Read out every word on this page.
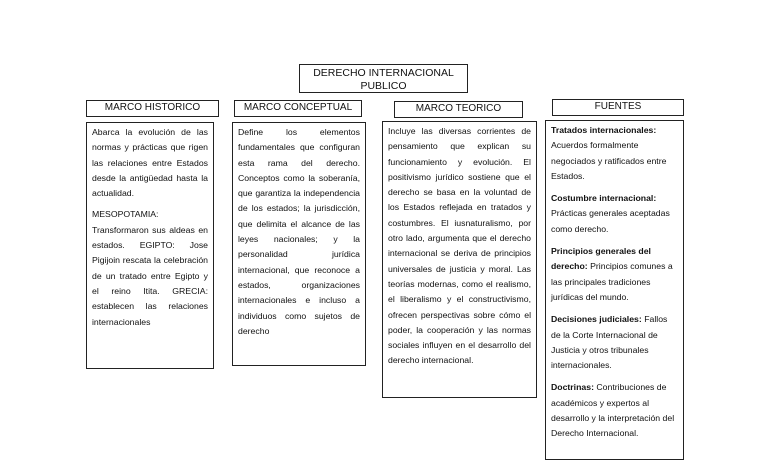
DERECHO INTERNACIONAL
PUBLICO
MARCO HISTORICO	MARCO CONCEPTUAL	MARCO TEORICO	FUENTES

Abarca la evolución de las normas y prácticas que rigen las relaciones entre Estados desde la antigüedad hasta la actualidad.

MESOPOTAMIA: Transformaron sus aldeas en estados. EGIPTO: Jose Pigijoin rescata la celebración de un tratado entre Egipto y el reino Itita. GRECIA: establecen las relaciones internacionales

Define los elementos fundamentales que configuran esta rama del derecho. Conceptos como la soberanía, que garantiza la independencia de los estados; la jurisdicción, que delimita el alcance de las leyes nacionales; y la personalidad jurídica internacional, que reconoce a estados, organizaciones internacionales e incluso a individuos como sujetos de derecho

Incluye las diversas corrientes de pensamiento que explican su funcionamiento y evolución. El positivismo jurídico sostiene que el derecho se basa en la voluntad de los Estados reflejada en tratados y costumbres. El iusnaturalismo, por otro lado, argumenta que el derecho internacional se deriva de principios universales de justicia y moral. Las teorías modernas, como el realismo, el liberalismo y el constructivismo, ofrecen perspectivas sobre cómo el poder, la cooperación y las normas sociales influyen en el desarrollo del derecho internacional.

Tratados internacionales: Acuerdos formalmente negociados y ratificados entre Estados.

Costumbre internacional: Prácticas generales aceptadas como derecho.

Principios generales del derecho: Principios comunes a las principales tradiciones jurídicas del mundo.

Decisiones judiciales: Fallos de la Corte Internacional de Justicia y otros tribunales internacionales.

Doctrinas: Contribuciones de académicos y expertos al desarrollo y la interpretación del Derecho Internacional.
